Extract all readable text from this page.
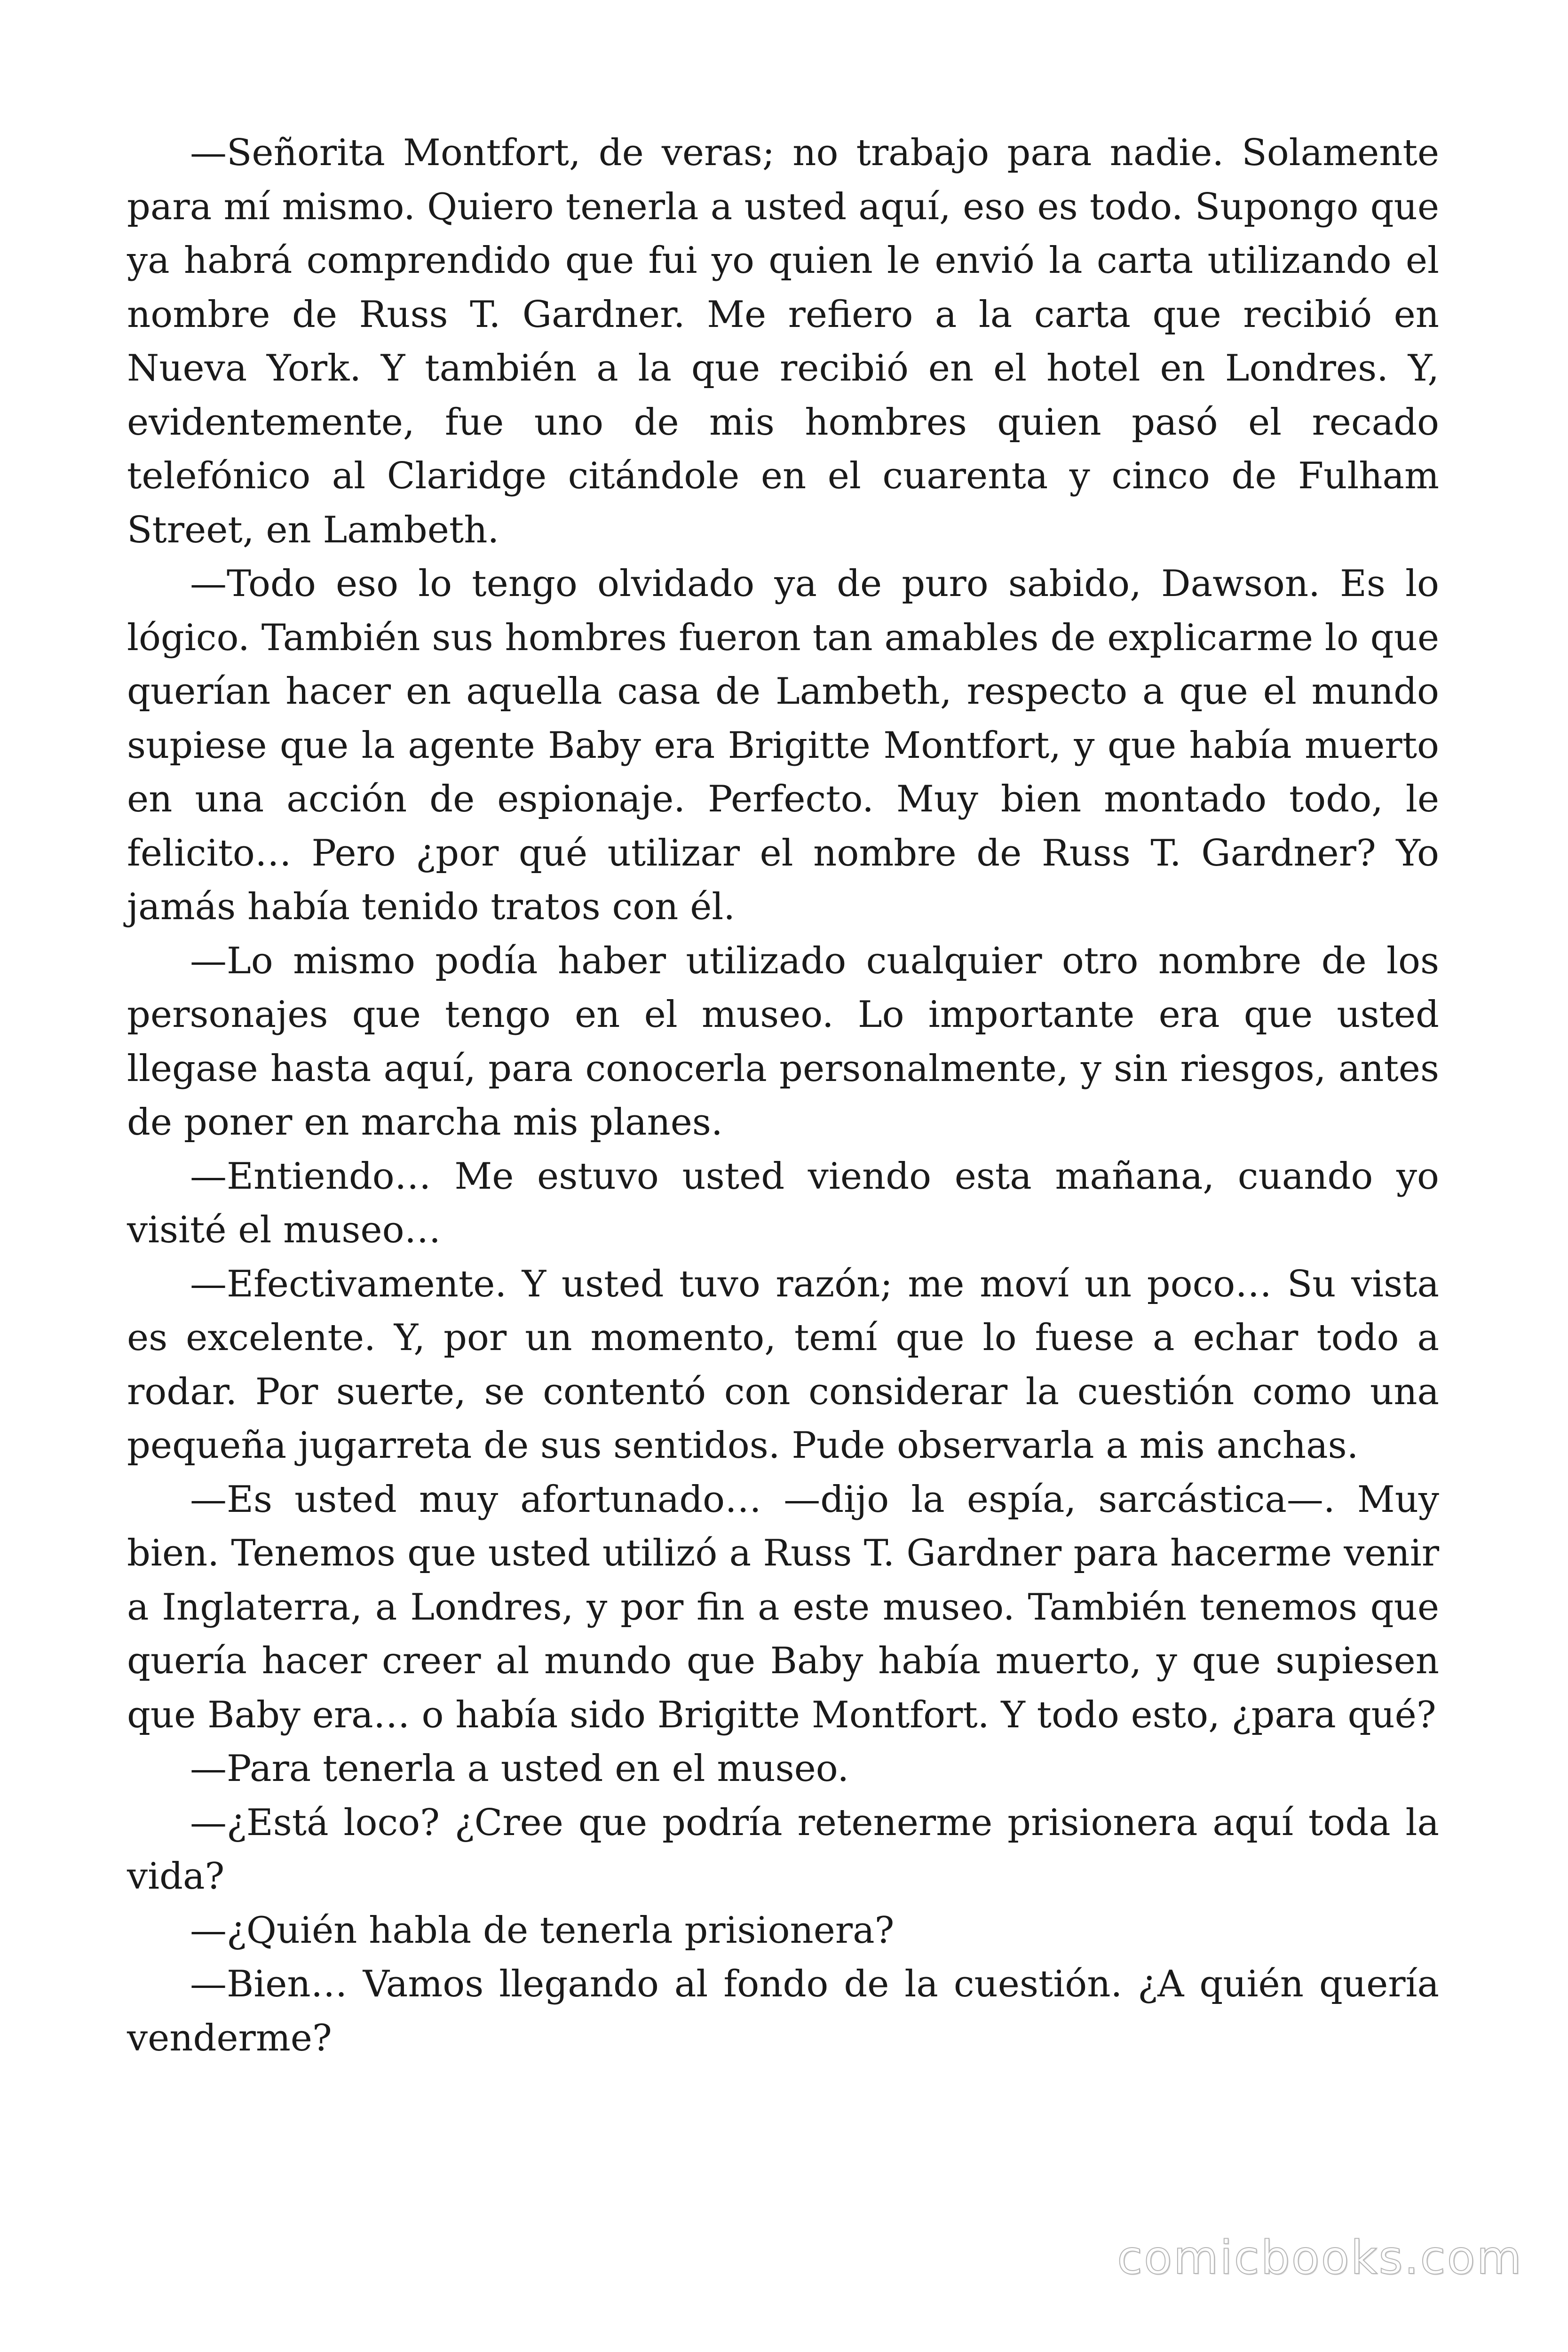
—Señorita Montfort, de veras; no trabajo para nadie. Solamente para mí mismo. Quiero tenerla a usted aquí, eso es todo. Supongo que ya habrá comprendido que fui yo quien le envió la carta utilizando el nombre de Russ T. Gardner. Me refiero a la carta que recibió en Nueva York. Y también a la que recibió en el hotel en Londres. Y, evidentemente, fue uno de mis hombres quien pasó el recado telefónico al Claridge citándole en el cuarenta y cinco de Fulham Street, en Lambeth.

—Todo eso lo tengo olvidado ya de puro sabido, Dawson. Es lo lógico. También sus hombres fueron tan amables de explicarme lo que querían hacer en aquella casa de Lambeth, respecto a que el mundo supiese que la agente Baby era Brigitte Montfort, y que había muerto en una acción de espionaje. Perfecto. Muy bien montado todo, le felicito… Pero ¿por qué utilizar el nombre de Russ T. Gardner? Yo jamás había tenido tratos con él.

—Lo mismo podía haber utilizado cualquier otro nombre de los personajes que tengo en el museo. Lo importante era que usted llegase hasta aquí, para conocerla personalmente, y sin riesgos, antes de poner en marcha mis planes.

—Entiendo… Me estuvo usted viendo esta mañana, cuando yo visité el museo…

—Efectivamente. Y usted tuvo razón; me moví un poco… Su vista es excelente. Y, por un momento, temí que lo fuese a echar todo a rodar. Por suerte, se contentó con considerar la cuestión como una pequeña jugarreta de sus sentidos. Pude observarla a mis anchas.

—Es usted muy afortunado… —dijo la espía, sarcástica—. Muy bien. Tenemos que usted utilizó a Russ T. Gardner para hacerme venir a Inglaterra, a Londres, y por fin a este museo. También tenemos que quería hacer creer al mundo que Baby había muerto, y que supiesen que Baby era… o había sido Brigitte Montfort. Y todo esto, ¿para qué?

—Para tenerla a usted en el museo.

—¿Está loco? ¿Cree que podría retenerme prisionera aquí toda la vida?

—¿Quién habla de tenerla prisionera?

—Bien… Vamos llegando al fondo de la cuestión. ¿A quién quería venderme?

comicbooks.com
